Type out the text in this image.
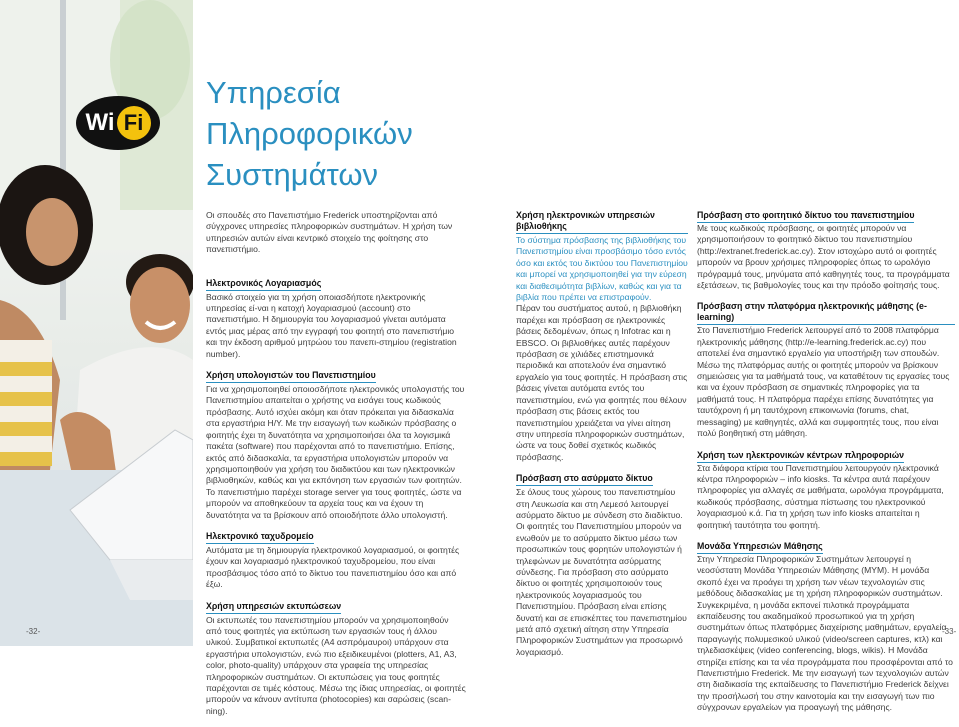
Wi Fi
Υπηρεσία
Πληροφορικών
Συστημάτων

Οι σπουδές στο Πανεπιστήμιο Frederick υποστηρίζονται από σύγχρονες υπηρεσίες πληροφορικών συστημάτων. Η χρήση των υπηρεσιών αυτών είναι κεντρικό στοιχείο της φοίτησης στο πανεπιστήμιο.

Ηλεκτρονικός Λογαριασμός

Βασικό στοιχείο για τη χρήση οποιασδήποτε ηλεκτρονικής υπηρεσίας εί-ναι η κατοχή λογαριασμού (account) στο πανεπιστήμιο. Η δημιουργία του λογαριασμού γίνεται αυτόματα εντός μιας μέρας από την εγγραφή του φοιτητή στο πανεπιστήμιο και την έκδοση αριθμού μητρώου του πανεπι-στημίου (registration number).

Χρήση υπολογιστών του Πανεπιστημίου

Για να χρησιμοποιηθεί οποιοσδήποτε ηλεκτρονικός υπολογιστής του Πανεπιστημίου απαιτείται ο χρήστης να εισάγει τους κωδικούς πρόσβασης. Αυτό ισχύει ακόμη και όταν πρόκειται για διδασκαλία στα εργαστήρια Η/Υ. Με την εισαγωγή των κωδικών πρόσβασης ο φοιτητής έχει τη δυνατότητα να χρησιμοποιήσει όλα τα λογισμικά πακέτα (software) που παρέχονται από το πανεπιστήμιο. Επίσης, εκτός από διδασκαλία, τα εργαστήρια υπολογιστών μπορούν να χρησιμοποιηθούν για χρήση του διαδικτύου και των ηλεκτρονικών βιβλιοθηκών, καθώς και για εκπόνηση των εργασιών των φοιτητών. Το πανεπιστήμιο παρέχει storage server για τους φοιτητές, ώστε να μπορούν να αποθηκεύουν τα αρχεία τους και να έχουν τη δυνατότητα να τα βρίσκουν από οποιοδήποτε άλλο υπολογιστή.

Ηλεκτρονικό ταχυδρομείο

Αυτόματα με τη δημιουργία ηλεκτρονικού λογαριασμού, οι φοιτητές έχουν και λογαριασμό ηλεκτρονικού ταχυδρομείου, που είναι προσβάσιμος τόσο από το δίκτυο του πανεπιστημίου όσο και από έξω.

Χρήση υπηρεσιών εκτυπώσεων

Οι εκτυπωτές του πανεπιστημίου μπορούν να χρησιμοποιηθούν από τους φοιτητές για εκτύπωση των εργασιών τους ή άλλου υλικού. Συμβατικοί εκτυπωτές (Α4 ασπρόμαυροι) υπάρχουν στα εργαστήρια υπολογιστών, ενώ πιο εξειδικευμένοι (plotters, A1, A3, color, photo-quality) υπάρχουν στα γραφεία της υπηρεσίας πληροφορικών συστημάτων. Οι εκτυπώσεις για τους φοιτητές παρέχονται σε τιμές κόστους. Μέσω της ίδιας υπηρεσίας, οι φοιτητές μπορούν να κάνουν αντίτυπα (photocopies) και σαρώσεις (scan-ning).

Χρήση ηλεκτρονικών υπηρεσιών βιβλιοθήκης

Το σύστημα πρόσβασης της βιβλιοθήκης του Πανεπιστημίου είναι προσβάσιμο τόσο εντός όσο και εκτός του δικτύου του Πανεπιστημίου και μπορεί να χρησιμοποιηθεί για την εύρεση και διαθεσιμότητα βιβλίων, καθώς και για τα βιβλία που πρέπει να επιστραφούν.

Πέραν του συστήματος αυτού, η βιβλιοθήκη παρέχει και πρόσβαση σε ηλεκτρονικές βάσεις δεδομένων, όπως η Infotrac και η EBSCO. Οι βιβλιοθήκες αυτές παρέχουν πρόσβαση σε χιλιάδες επιστημονικά περιοδικά και αποτελούν ένα σημαντικό εργαλείο για τους φοιτητές. Η πρόσβαση στις βάσεις γίνεται αυτόματα εντός του πανεπιστημίου, ενώ για φοιτητές που θέλουν πρόσβαση στις βάσεις εκτός του πανεπιστημίου χρειάζεται να γίνει αίτηση στην υπηρεσία πληροφορικών συστημάτων, ώστε να τους δοθεί σχετικός κωδικός πρόσβασης.

Πρόσβαση στο ασύρματο δίκτυο

Σε όλους τους χώρους του πανεπιστημίου στη Λευκωσία και στη Λεμεσό λειτουργεί ασύρματο δίκτυο με σύνδεση στο διαδίκτυο. Οι φοιτητές του Πανεπιστημίου μπορούν να ενωθούν με το ασύρματο δίκτυο μέσω των προσωπικών τους φορητών υπολογιστών ή τηλεφώνων με δυνατότητα ασύρματης σύνδεσης. Για πρόσβαση στο ασύρματο δίκτυο οι φοιτητές χρησιμοποιούν τους ηλεκτρονικούς λογαριασμούς του Πανεπιστημίου. Πρόσβαση είναι επίσης δυνατή και σε επισκέπτες του πανεπιστημίου μετά από σχετική αίτηση στην Υπηρεσία Πληροφορικών Συστημάτων για προσωρινό λογαριασμό.

Πρόσβαση στο φοιτητικό δίκτυο του πανεπιστημίου

Με τους κωδικούς πρόσβασης, οι φοιτητές μπορούν να χρησιμοποιήσουν το φοιτητικό δίκτυο του πανεπιστημίου (http://extranet.frederick.ac.cy). Στον ιστοχώρο αυτό οι φοιτητές μπορούν να βρουν χρήσιμες πληροφορίες όπως το ωρολόγιο πρόγραμμά τους, μηνύματα από καθηγητές τους, τα προγράμματα εξετάσεων, τις βαθμολογίες τους και την πρόοδο φοίτησής τους.

Πρόσβαση στην πλατφόρμα ηλεκτρονικής μάθησης (e-learning)

Στο Πανεπιστήμιο Frederick λειτουργεί από το 2008 πλατφόρμα ηλεκτρονικής μάθησης (http://e-learning.frederick.ac.cy) που αποτελεί ένα σημαντικό εργαλείο για υποστήριξη των σπουδών. Μέσω της πλατφόρμας αυτής οι φοιτητές μπορούν να βρίσκουν σημειώσεις για τα μαθήματά τους, να καταθέτουν τις εργασίες τους και να έχουν πρόσβαση σε σημαντικές πληροφορίες για τα μαθήματά τους. Η πλατφόρμα παρέχει επίσης δυνατότητες για ταυτόχρονη ή μη ταυτόχρονη επικοινωνία (forums, chat, messaging) με καθηγητές, αλλά και συμφοιτητές τους, που είναι πολύ βοηθητική στη μάθηση.

Χρήση των ηλεκτρονικών κέντρων πληροφοριών

Στα διάφορα κτίρια του Πανεπιστημίου λειτουργούν ηλεκτρονικά κέντρα πληροφοριών – info kiosks. Τα κέντρα αυτά παρέχουν πληροφορίες για αλλαγές σε μαθήματα, ωρολόγια προγράμματα, κωδικούς πρόσβασης, σύστημα πίστωσης του ηλεκτρονικού λογαριασμού κ.ά. Για τη χρήση των info kiosks απαιτείται η φοιτητική ταυτότητα του φοιτητή.

Μονάδα Υπηρεσιών Μάθησης

Στην Υπηρεσία Πληροφορικών Συστημάτων λειτουργεί η νεοσύστατη Μονάδα Υπηρεσιών Μάθησης (ΜΥΜ). Η μονάδα σκοπό έχει να προάγει τη χρήση των νέων τεχνολογιών στις μεθόδους διδασκαλίας με τη χρήση πληροφορικών συστημάτων. Συγκεκριμένα, η μονάδα εκπονεί πιλοτικά προγράμματα εκπαίδευσης του ακαδημαϊκού προσωπικού για τη χρήση συστημάτων όπως πλατφόρμες διαχείρισης μαθημάτων, εργαλεία παραγωγής πολυμεσικού υλικού (video/screen captures, κτλ) και τηλεδιασκέψεις (video conferencing, blogs, wikis). Η Μονάδα στηρίζει επίσης και τα νέα προγράμματα που προσφέρονται από το Πανεπιστήμιο Frederick. Με την εισαγωγή των τεχνολογιών αυτών στη διαδικασία της εκπαίδευσης το Πανεπιστήμιο Frederick δείχνει την προσήλωσή του στην καινοτομία και την εισαγωγή των πιο σύγχρονων εργαλείων για προαγωγή της μάθησης.

-32-	-33-
